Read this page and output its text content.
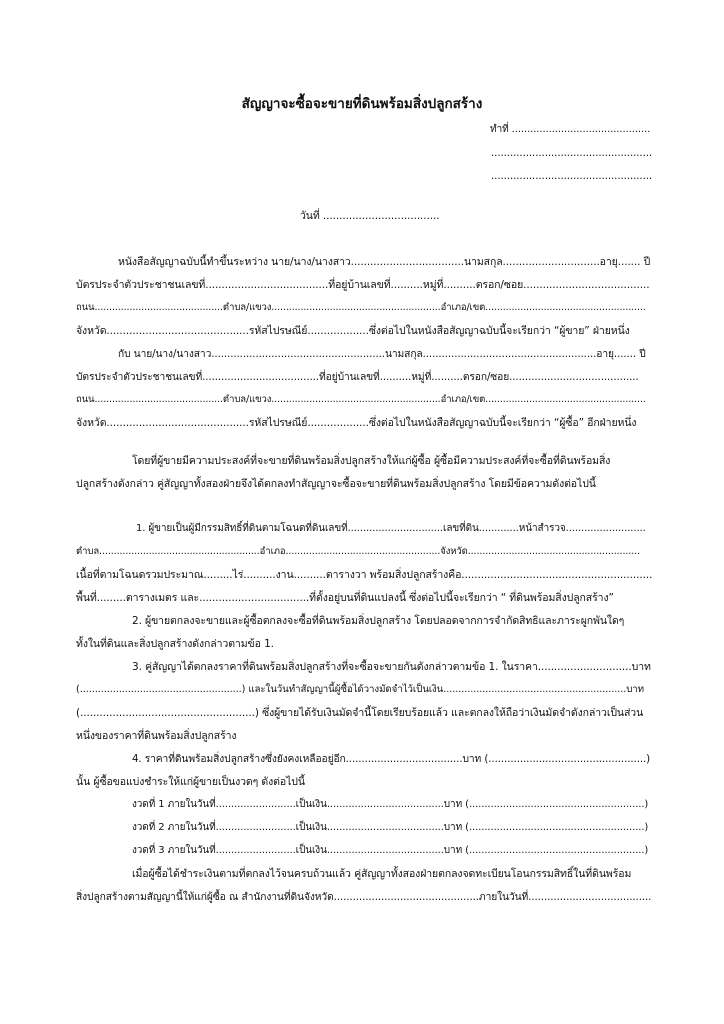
สัญญาจะซื้อจะขายที่ดินพร้อมสิ่งปลูกสร้าง
ทำที่ .............................................
...................................................
...................................................
วันที่ ....................................
หนังสือสัญญาฉบับนี้ทำขึ้นระหว่าง นาย/นาง/นางสาว...................................นามสกุล..............................อายุ....... ปี
บัตรประจำตัวประชาชนเลขที่......................................ที่อยู่บ้านเลขที่..........หมู่ที่..........ตรอก/ซอย.......................................
ถนน............................................ตำบล/แขวง..........................................................อำเภอ/เขต.......................................................
จังหวัด............................................รหัสไปรษณีย์...................ซึ่งต่อไปในหนังสือสัญญาฉบับนี้จะเรียกว่า “ผู้ขาย” ฝ่ายหนึ่ง
กับ นาย/นาง/นางสาว.......................................................นามสกุล.......................................................อายุ....... ปี
บัตรประจำตัวประชาชนเลขที่.....................................ที่อยู่บ้านเลขที่..........หมู่ที่..........ตรอก/ซอย.........................................
ถนน............................................ตำบล/แขวง..........................................................อำเภอ/เขต.......................................................
จังหวัด............................................รหัสไปรษณีย์...................ซึ่งต่อไปในหนังสือสัญญาฉบับนี้จะเรียกว่า “ผู้ซื้อ” อีกฝ่ายหนึ่ง
โดยที่ผู้ขายมีความประสงค์ที่จะขายที่ดินพร้อมสิ่งปลูกสร้างให้แก่ผู้ซื้อ ผู้ซื้อมีความประสงค์ที่จะซื้อที่ดินพร้อมสิ่ง
ปลูกสร้างดังกล่าว คู่สัญญาทั้งสองฝ่ายจึงได้ตกลงทำสัญญาจะซื้อจะขายที่ดินพร้อมสิ่งปลูกสร้าง โดยมีข้อความดังต่อไปนี้
1. ผู้ขายเป็นผู้มีกรรมสิทธิ์ที่ดินตามโฉนดที่ดินเลขที่...............................เลขที่ดิน.............หน้าสำรวจ..........................
ตำบล.......................................................อำเภอ.....................................................จังหวัด...........................................................
เนื้อที่ตามโฉนดรวมประมาณ.........ไร่..........งาน..........ตารางวา พร้อมสิ่งปลูกสร้างคือ...........................................................
พื้นที่.........ตารางเมตร และ..................................ที่ตั้งอยู่บนที่ดินแปลงนี้ ซึ่งต่อไปนี้จะเรียกว่า “ ที่ดินพร้อมสิ่งปลูกสร้าง”
2. ผู้ขายตกลงจะขายและผู้ซื้อตกลงจะซื้อที่ดินพร้อมสิ่งปลูกสร้าง โดยปลอดจากการจำกัดสิทธิและภาระผูกพันใดๆ
ทั้งในที่ดินและสิ่งปลูกสร้างดังกล่าวตามข้อ 1.
3. คู่สัญญาได้ตกลงราคาที่ดินพร้อมสิ่งปลูกสร้างที่จะซื้อจะขายกันดังกล่าวตามข้อ 1. ในราคา.............................บาท
(......................................................) และในวันทำสัญญานี้ผู้ซื้อได้วางมัดจำไว้เป็นเงิน.............................................................บาท
(......................................................) ซึ่งผู้ขายได้รับเงินมัดจำนี้โดยเรียบร้อยแล้ว และตกลงให้ถือว่าเงินมัดจำดังกล่าวเป็นส่วน
หนึ่งของราคาที่ดินพร้อมสิ่งปลูกสร้าง
4. ราคาที่ดินพร้อมสิ่งปลูกสร้างซึ่งยังคงเหลืออยู่อีก.....................................บาท (..................................................)
นั้น ผู้ซื้อขอแบ่งชำระให้แก่ผู้ขายเป็นงวดๆ ดังต่อไปนี้
งวดที่ 1 ภายในวันที่..........................เป็นเงิน......................................บาท (.........................................................)
งวดที่ 2 ภายในวันที่..........................เป็นเงิน......................................บาท (.........................................................)
งวดที่ 3 ภายในวันที่..........................เป็นเงิน......................................บาท (.........................................................)
เมื่อผู้ซื้อได้ชำระเงินตามที่ตกลงไว้จนครบถ้วนแล้ว คู่สัญญาทั้งสองฝ่ายตกลงจดทะเบียนโอนกรรมสิทธิ์ในที่ดินพร้อม
สิ่งปลูกสร้างตามสัญญานี้ให้แก่ผู้ซื้อ ณ สำนักงานที่ดินจังหวัด..............................................ภายในวันที่.......................................
